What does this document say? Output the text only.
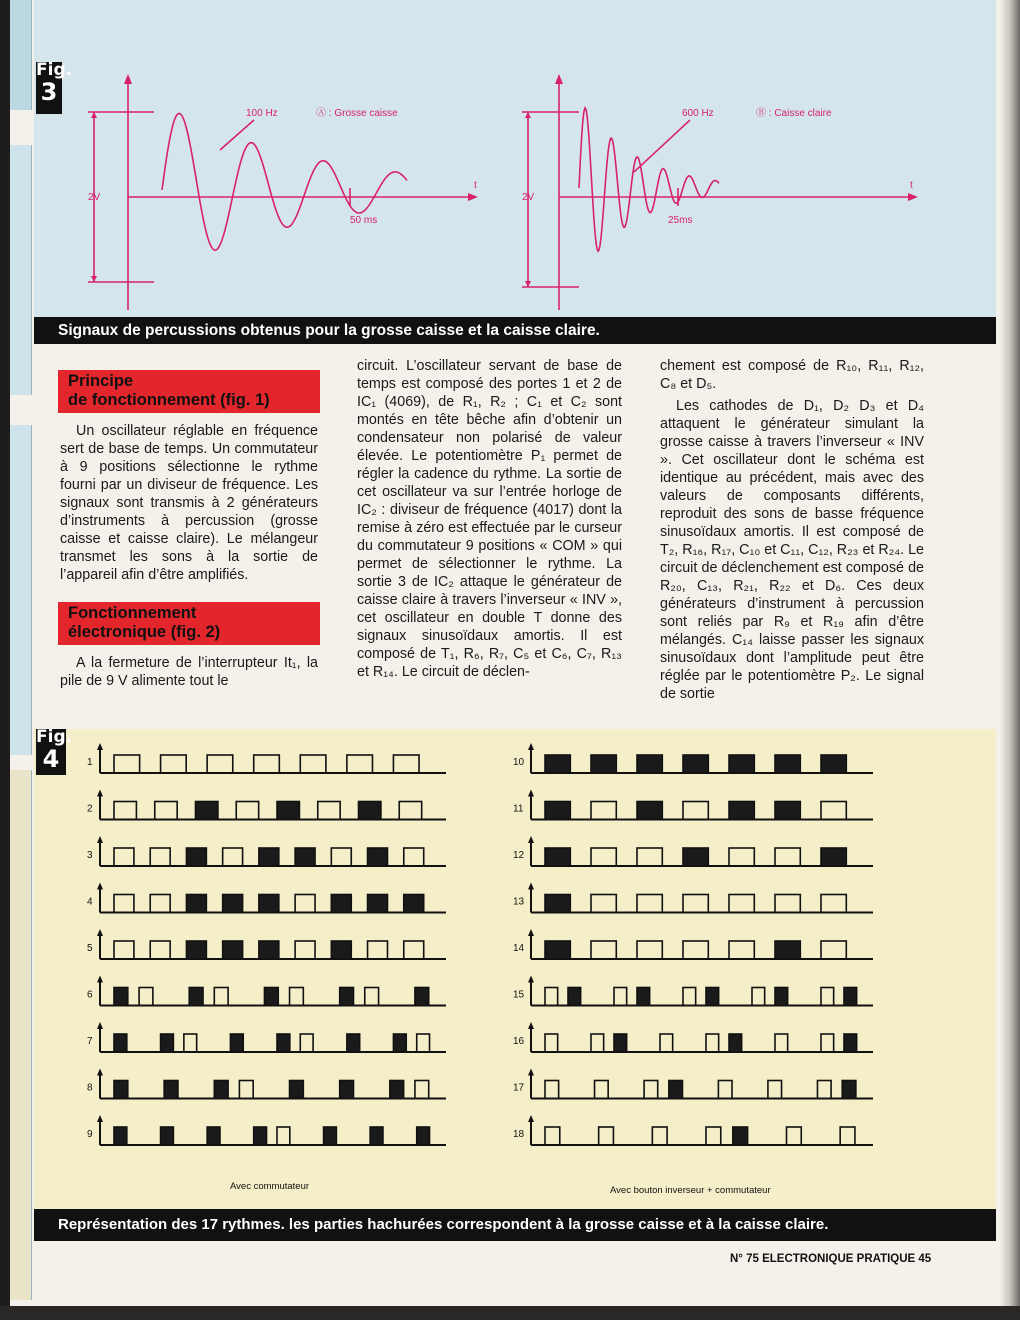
100 Hz	Ⓐ : Grosse caisse
2V
50 ms
t
600 Hz	Ⓑ : Caisse claire
2V
25ms
t
Fig.
3
Signaux de percussions obtenus pour la grosse caisse et la caisse claire.
Principe
de fonctionnement (fig. 1)

Un oscillateur réglable en fréquence sert de base de temps. Un commutateur à 9 positions sélectionne le rythme fourni par un diviseur de fréquence. Les signaux sont transmis à 2 générateurs d’instruments à percussion (grosse caisse et caisse claire). Le mélangeur transmet les sons à la sortie de l’appareil afin d’être amplifiés.

Fonctionnement
électronique (fig. 2)

A la fermeture de l’interrupteur It₁, la pile de 9 V alimente tout le

circuit. L’oscillateur servant de base de temps est composé des portes 1 et 2 de IC₁ (4069), de R₁, R₂ ; C₁ et C₂ sont montés en tête bêche afin d’obtenir un condensateur non polarisé de valeur élevée. Le potentiomètre P₁ permet de régler la cadence du rythme. La sortie de cet oscillateur va sur l’entrée horloge de IC₂ : diviseur de fréquence (4017) dont la remise à zéro est effectuée par le curseur du commutateur 9 positions « COM » qui permet de sélectionner le rythme. La sortie 3 de IC₂ attaque le générateur de caisse claire à travers l’inverseur « INV », cet oscillateur en double T donne des signaux sinusoïdaux amortis. Il est composé de T₁, R₆, R₇, C₅ et C₆, C₇, R₁₃ et R₁₄. Le circuit de déclen-

chement est composé de R₁₀, R₁₁, R₁₂, C₈ et D₅.

Les cathodes de D₁, D₂ D₃ et D₄ attaquent le générateur simulant la grosse caisse à travers l’inverseur « INV ». Cet oscillateur dont le schéma est identique au précédent, mais avec des valeurs de composants différents, reproduit des sons de basse fréquence sinusoïdaux amortis. Il est composé de T₂, R₁₆, R₁₇, C₁₀ et C₁₁, C₁₂, R₂₃ et R₂₄. Le circuit de déclenchement est composé de R₂₀, C₁₃, R₂₁, R₂₂ et D₆. Ces deux générateurs d’instrument à percussion sont reliés par R₉ et R₁₉ afin d’être mélangés. C₁₄ laisse passer les signaux sinusoïdaux dont l’amplitude peut être réglée par le potentiomètre P₂. Le signal de sortie

1
2
3
4
5
6
7
8
9
10
11
12
13
14
15
16
17
18
Avec commutateur	Avec bouton inverseur + commutateur
Fig.
4
Représentation des 17 rythmes. les parties hachurées correspondent à la grosse caisse et à la caisse claire.
N° 75 ELECTRONIQUE PRATIQUE 45
